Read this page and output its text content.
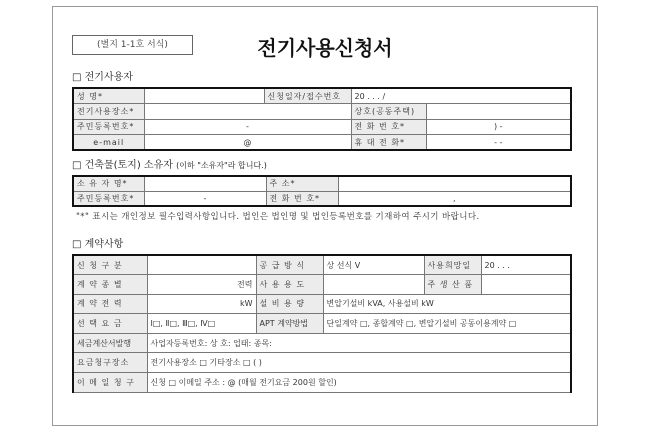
(별지 1-1호 서식)	전기사용신청서
□ 전기사용자
성 명*		신청일자/접수번호	20 . . . /	
전기사용장소*			상호(공동주택)	
주민등록번호*	-		전 화 번 호*	) -
e-mail	@		휴 대 전 화*	- -
□ 건축물(토지) 소유자 (이하 "소유자"라 합니다.)
소 유 자 명*		주 소*	
주민등록번호*	-	전 화 번 호*	,
"*" 표시는 개인정보 필수입력사항입니다. 법인은 법인명 및 법인등록번호를 기재하여 주시기 바랍니다.
□ 계약사항
신 청 구 분		공 급 방 식	상 선식 V	사용희망일	20 . . .
계 약 종 별	전력	사 용 용 도		주 생 산 품	
계 약 전 력	kW	설 비 용 량	변압기설비 kVA, 사용설비 kW		
선 택 요 금	Ⅰ□, Ⅱ□, Ⅲ□, Ⅳ□	APT 계약방법	단일계약 □, 종합계약 □, 변압기설비 공동이용계약 □		
세금계산서발행	사업자등록번호: 상 호: 업태: 종목:				
요금청구장소	전기사용장소 □ 기타장소 □ ( )				
이 메 일 청 구	신청 □ 이메일 주소 : @ (매월 전기요금 200원 할인)				
